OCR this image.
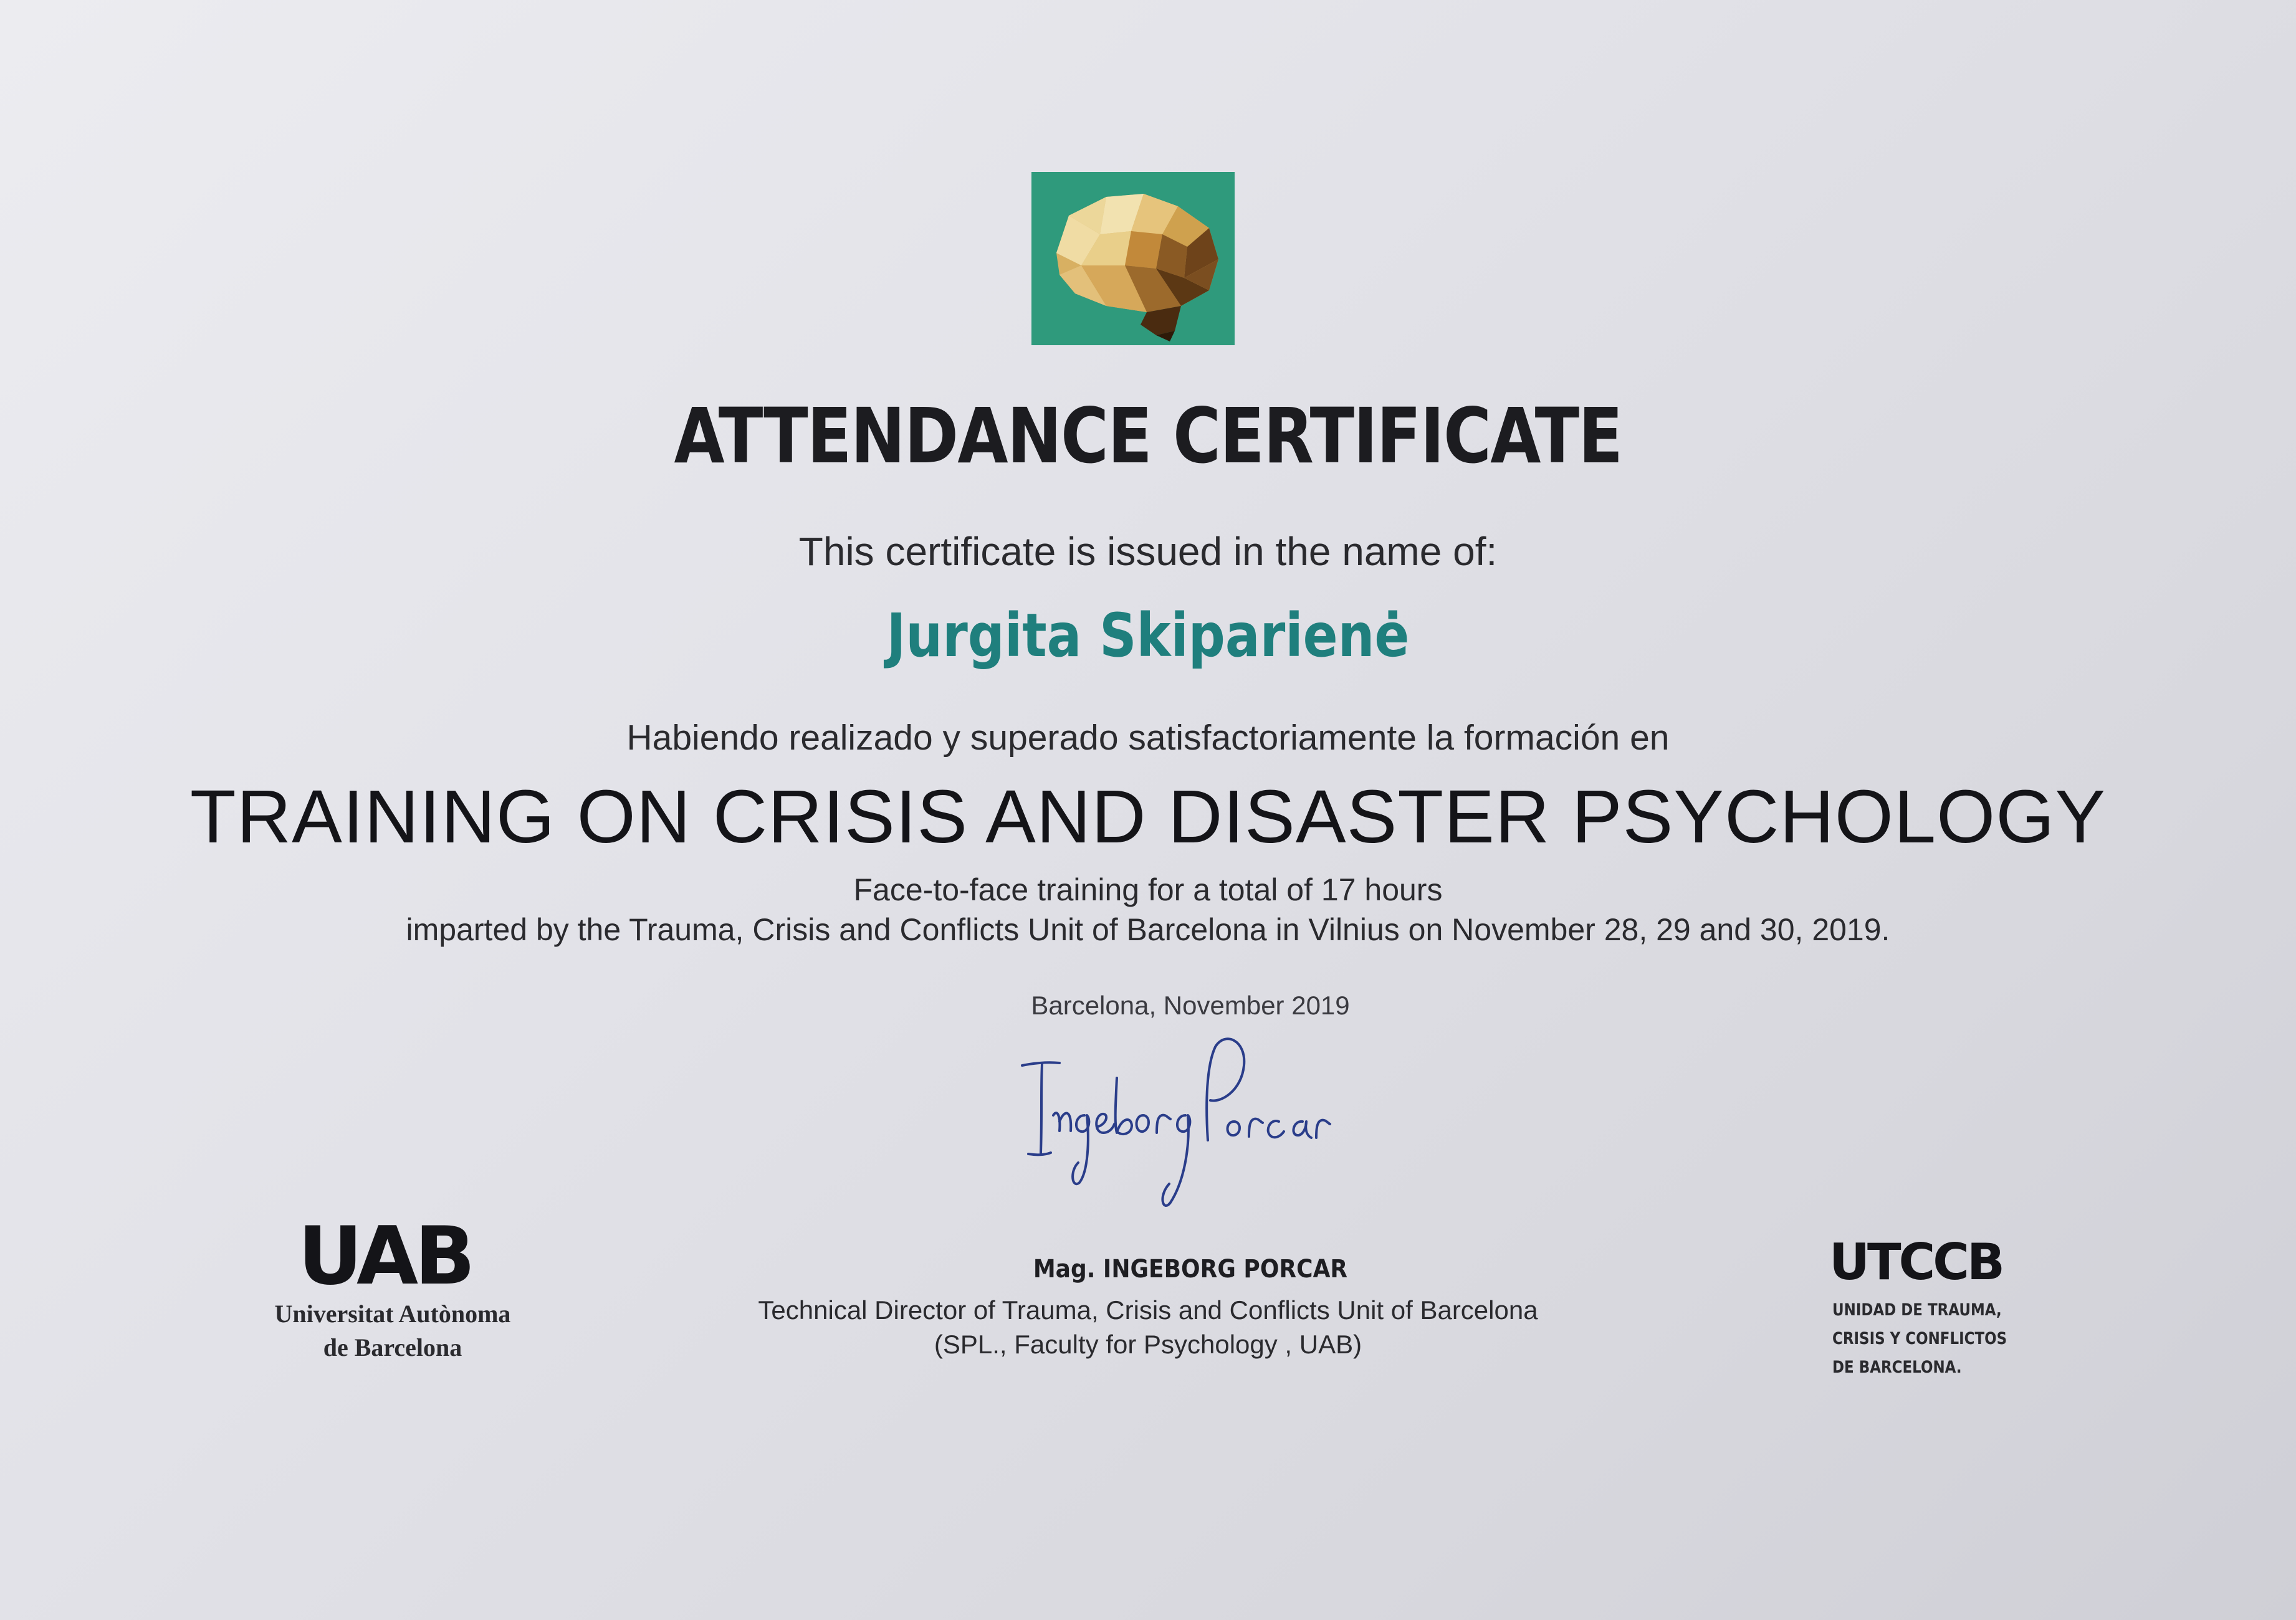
ATTENDANCE CERTIFICATE
This certificate is issued in the name of:
Jurgita Skiparienė
Habiendo realizado y superado satisfactoriamente la formación en
TRAINING ON CRISIS AND DISASTER PSYCHOLOGY
Face-to-face training for a total of 17 hours
imparted by the Trauma, Crisis and Conflicts Unit of Barcelona in Vilnius on November 28, 29 and 30, 2019.
Barcelona, November 2019
Mag. INGEBORG PORCAR
Technical Director of Trauma, Crisis and Conflicts Unit of Barcelona
(SPL., Faculty for Psychology , UAB)
UAB
Universitat Autònoma
de Barcelona
UTCCB
UNIDAD DE TRAUMA,
CRISIS Y CONFLICTOS
DE BARCELONA.
